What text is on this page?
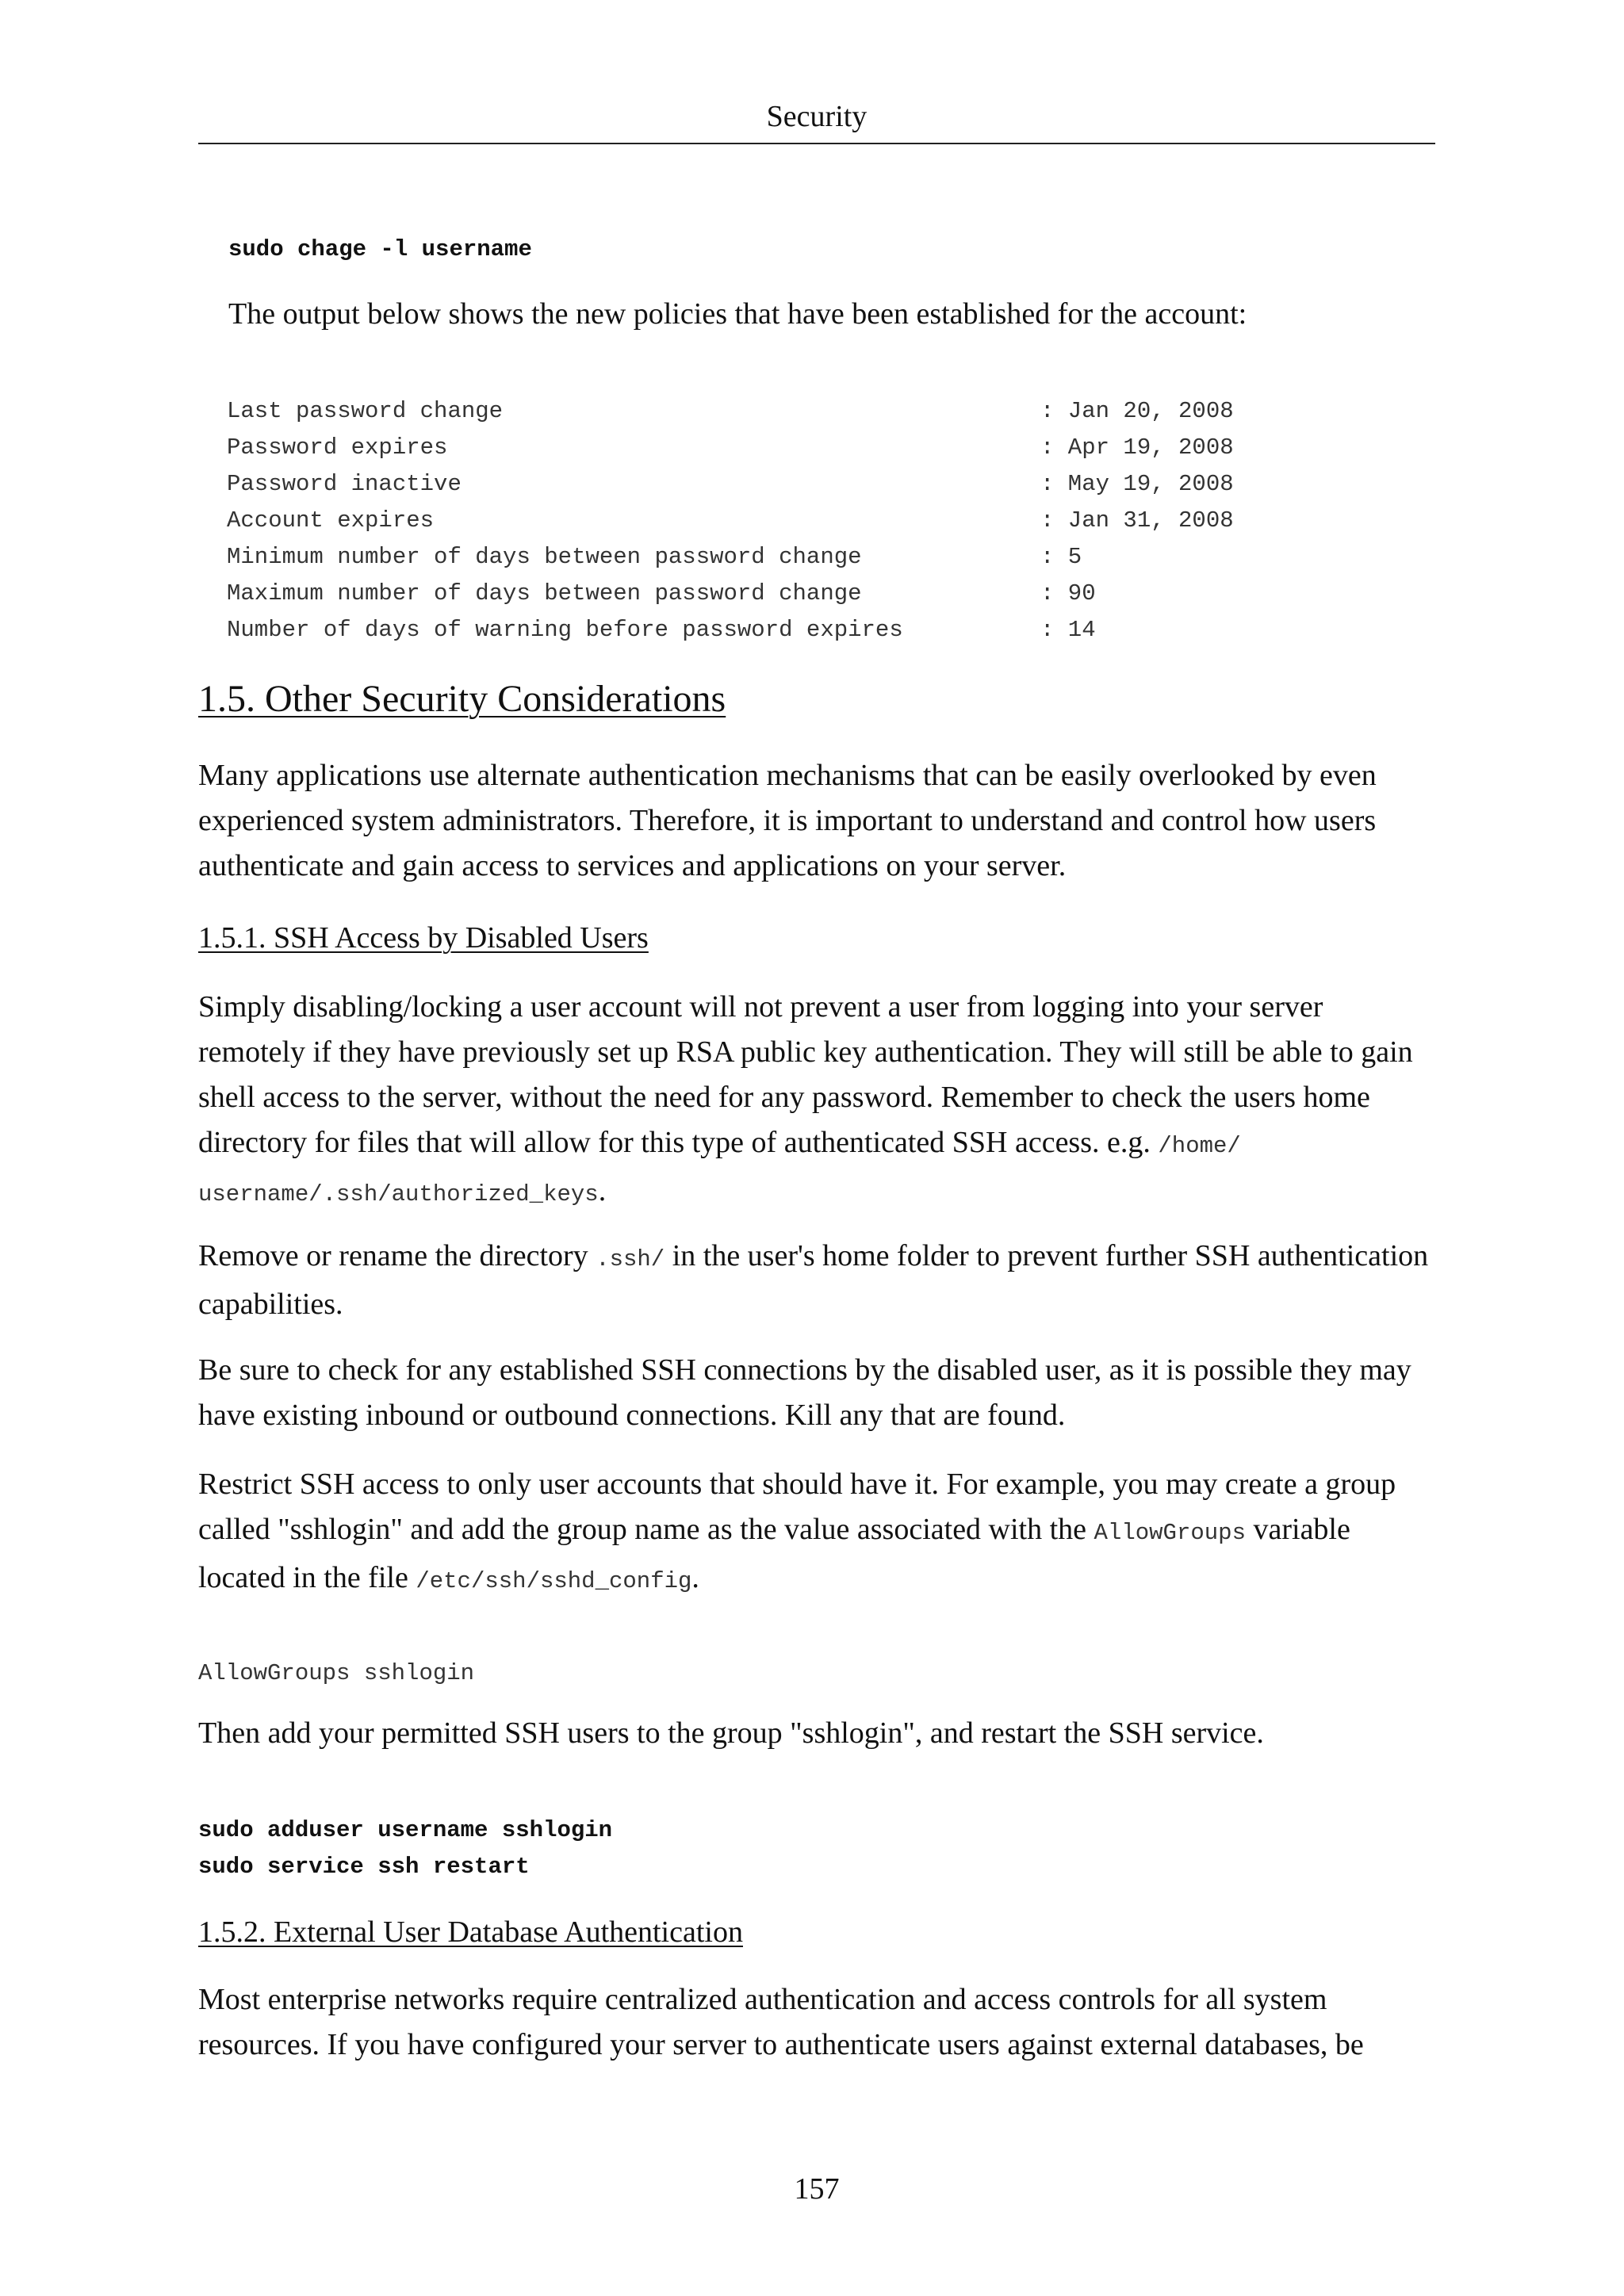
Security
sudo chage -l username
The output below shows the new policies that have been established for the account:
Last password change	: Jan 20, 2008
Password expires	: Apr 19, 2008
Password inactive	: May 19, 2008
Account expires	: Jan 31, 2008
Minimum number of days between password change	: 5
Maximum number of days between password change	: 90
Number of days of warning before password expires	: 14
1.5. Other Security Considerations
Many applications use alternate authentication mechanisms that can be easily overlooked by even experienced system administrators. Therefore, it is important to understand and control how users authenticate and gain access to services and applications on your server.
1.5.1. SSH Access by Disabled Users
Simply disabling/locking a user account will not prevent a user from logging into your server remotely if they have previously set up RSA public key authentication. They will still be able to gain shell access to the server, without the need for any password. Remember to check the users home directory for files that will allow for this type of authenticated SSH access. e.g. /home/ username/.ssh/authorized_keys.
Remove or rename the directory .ssh/ in the user's home folder to prevent further SSH authentication capabilities.
Be sure to check for any established SSH connections by the disabled user, as it is possible they may have existing inbound or outbound connections. Kill any that are found.
Restrict SSH access to only user accounts that should have it. For example, you may create a group called "sshlogin" and add the group name as the value associated with the AllowGroups variable located in the file /etc/ssh/sshd_config.
AllowGroups sshlogin
Then add your permitted SSH users to the group "sshlogin", and restart the SSH service.
sudo adduser username sshlogin
sudo service ssh restart
1.5.2. External User Database Authentication
Most enterprise networks require centralized authentication and access controls for all system resources. If you have configured your server to authenticate users against external databases, be
157
